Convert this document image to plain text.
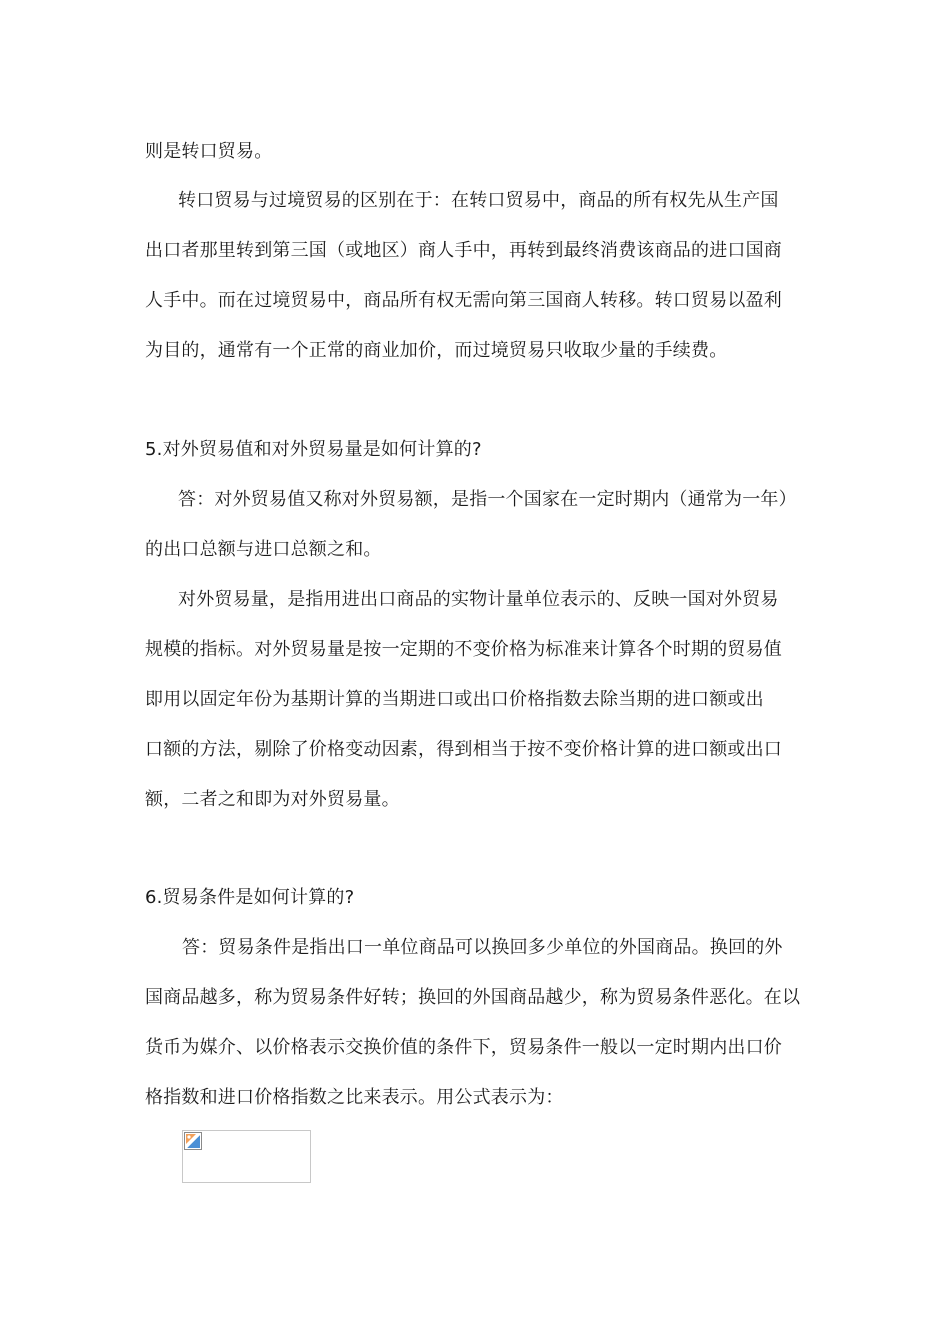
则是转口贸易。
转口贸易与过境贸易的区别在于：在转口贸易中，商品的所有权先从生产国
出口者那里转到第三国（或地区）商人手中，再转到最终消费该商品的进口国商
人手中。而在过境贸易中，商品所有权无需向第三国商人转移。转口贸易以盈利
为目的，通常有一个正常的商业加价，而过境贸易只收取少量的手续费。
5.对外贸易值和对外贸易量是如何计算的?
答：对外贸易值又称对外贸易额，是指一个国家在一定时期内（通常为一年）
的出口总额与进口总额之和。
对外贸易量，是指用进出口商品的实物计量单位表示的、反映一国对外贸易
规模的指标。对外贸易量是按一定期的不变价格为标准来计算各个时期的贸易值
即用以固定年份为基期计算的当期进口或出口价格指数去除当期的进口额或出
口额的方法，剔除了价格变动因素，得到相当于按不变价格计算的进口额或出口
额，二者之和即为对外贸易量。
6.贸易条件是如何计算的?
答：贸易条件是指出口一单位商品可以换回多少单位的外国商品。换回的外
国商品越多，称为贸易条件好转；换回的外国商品越少，称为贸易条件恶化。在以
货币为媒介、以价格表示交换价值的条件下，贸易条件一般以一定时期内出口价
格指数和进口价格指数之比来表示。用公式表示为：
